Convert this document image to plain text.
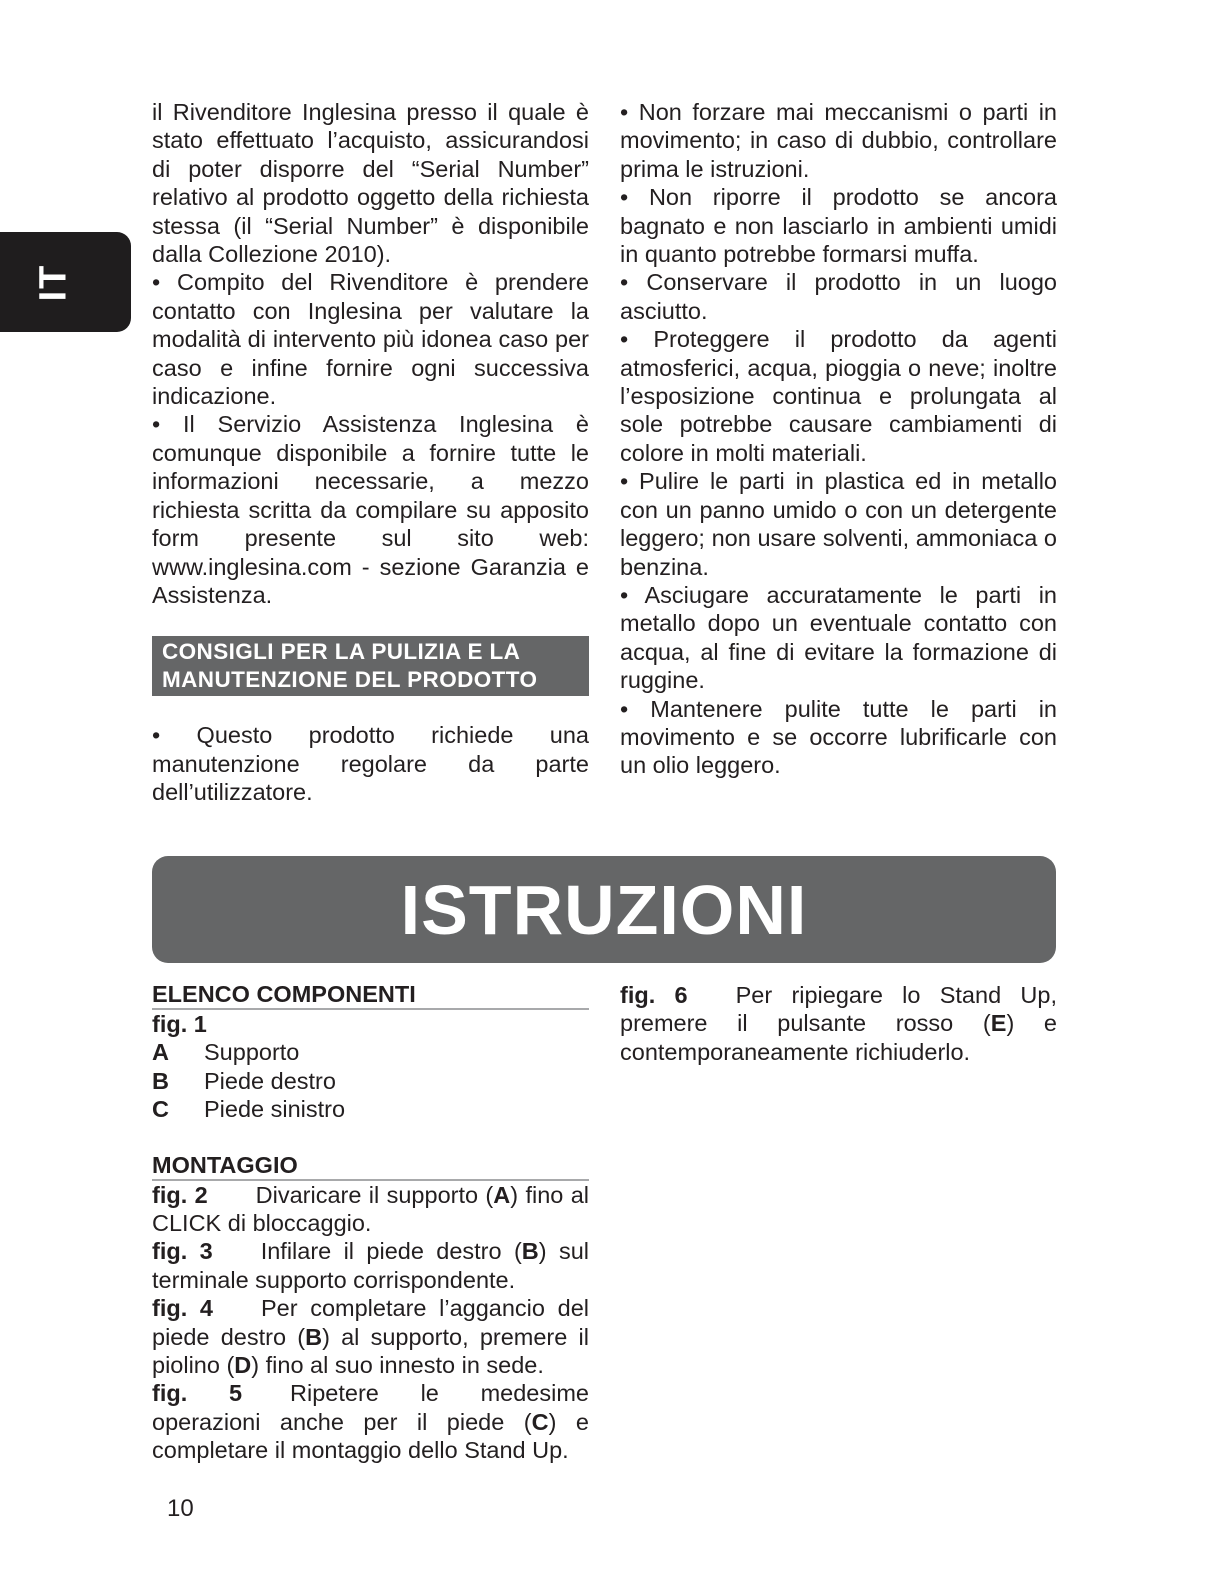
IT

il Rivenditore Inglesina presso il quale è stato effettuato l’acquisto, assicurandosi di poter disporre del “Serial Number” relativo al prodotto oggetto della richiesta stessa (il “Serial Number” è disponibile dalla Collezione 2010).

• Compito del Rivenditore è prendere contatto con Inglesina per valutare la modalità di intervento più idonea caso per caso e infine fornire ogni successiva indicazione.

• Il Servizio Assistenza Inglesina è comunque disponibile a fornire tutte le informazioni necessarie, a mezzo richiesta scritta da compilare su apposito form presente sul sito web: www.inglesina.com - sezione Garanzia e Assistenza.

CONSIGLI PER LA PULIZIA E LA MANUTENZIONE DEL PRODOTTO

• Questo prodotto richiede una manutenzione regolare da parte dell’utilizzatore.

• Non forzare mai meccanismi o parti in movimento; in caso di dubbio, controllare prima le istruzioni.

• Non riporre il prodotto se ancora bagnato e non lasciarlo in ambienti umidi in quanto potrebbe formarsi muffa.

• Conservare il prodotto in un luogo asciutto.

• Proteggere il prodotto da agenti atmosferici, acqua, pioggia o neve; inoltre l’esposizione continua e prolungata al sole potrebbe causare cambiamenti di colore in molti materiali.

• Pulire le parti in plastica ed in metallo con un panno umido o con un detergente leggero; non usare solventi, ammoniaca o benzina.

• Asciugare accuratamente le parti in metallo dopo un eventuale contatto con acqua, al fine di evitare la formazione di ruggine.

• Mantenere pulite tutte le parti in movimento e se occorre lubrificarle con un olio leggero.

ISTRUZIONI
ELENCO COMPONENTI
fig. 1
A	Supporto
B	Piede destro
C	Piede sinistro
MONTAGGIO

fig. 2 Divaricare il supporto (A) fino al CLICK di bloccaggio.

fig. 3 Infilare il piede destro (B) sul terminale supporto corrispondente.

fig. 4 Per completare l’aggancio del piede destro (B) al supporto, premere il piolino (D) fino al suo innesto in sede.

fig. 5 Ripetere le medesime operazioni anche per il piede (C) e completare il montaggio dello Stand Up.

fig. 6 Per ripiegare lo Stand Up, premere il pulsante rosso (E) e contemporaneamente richiuderlo.

10
